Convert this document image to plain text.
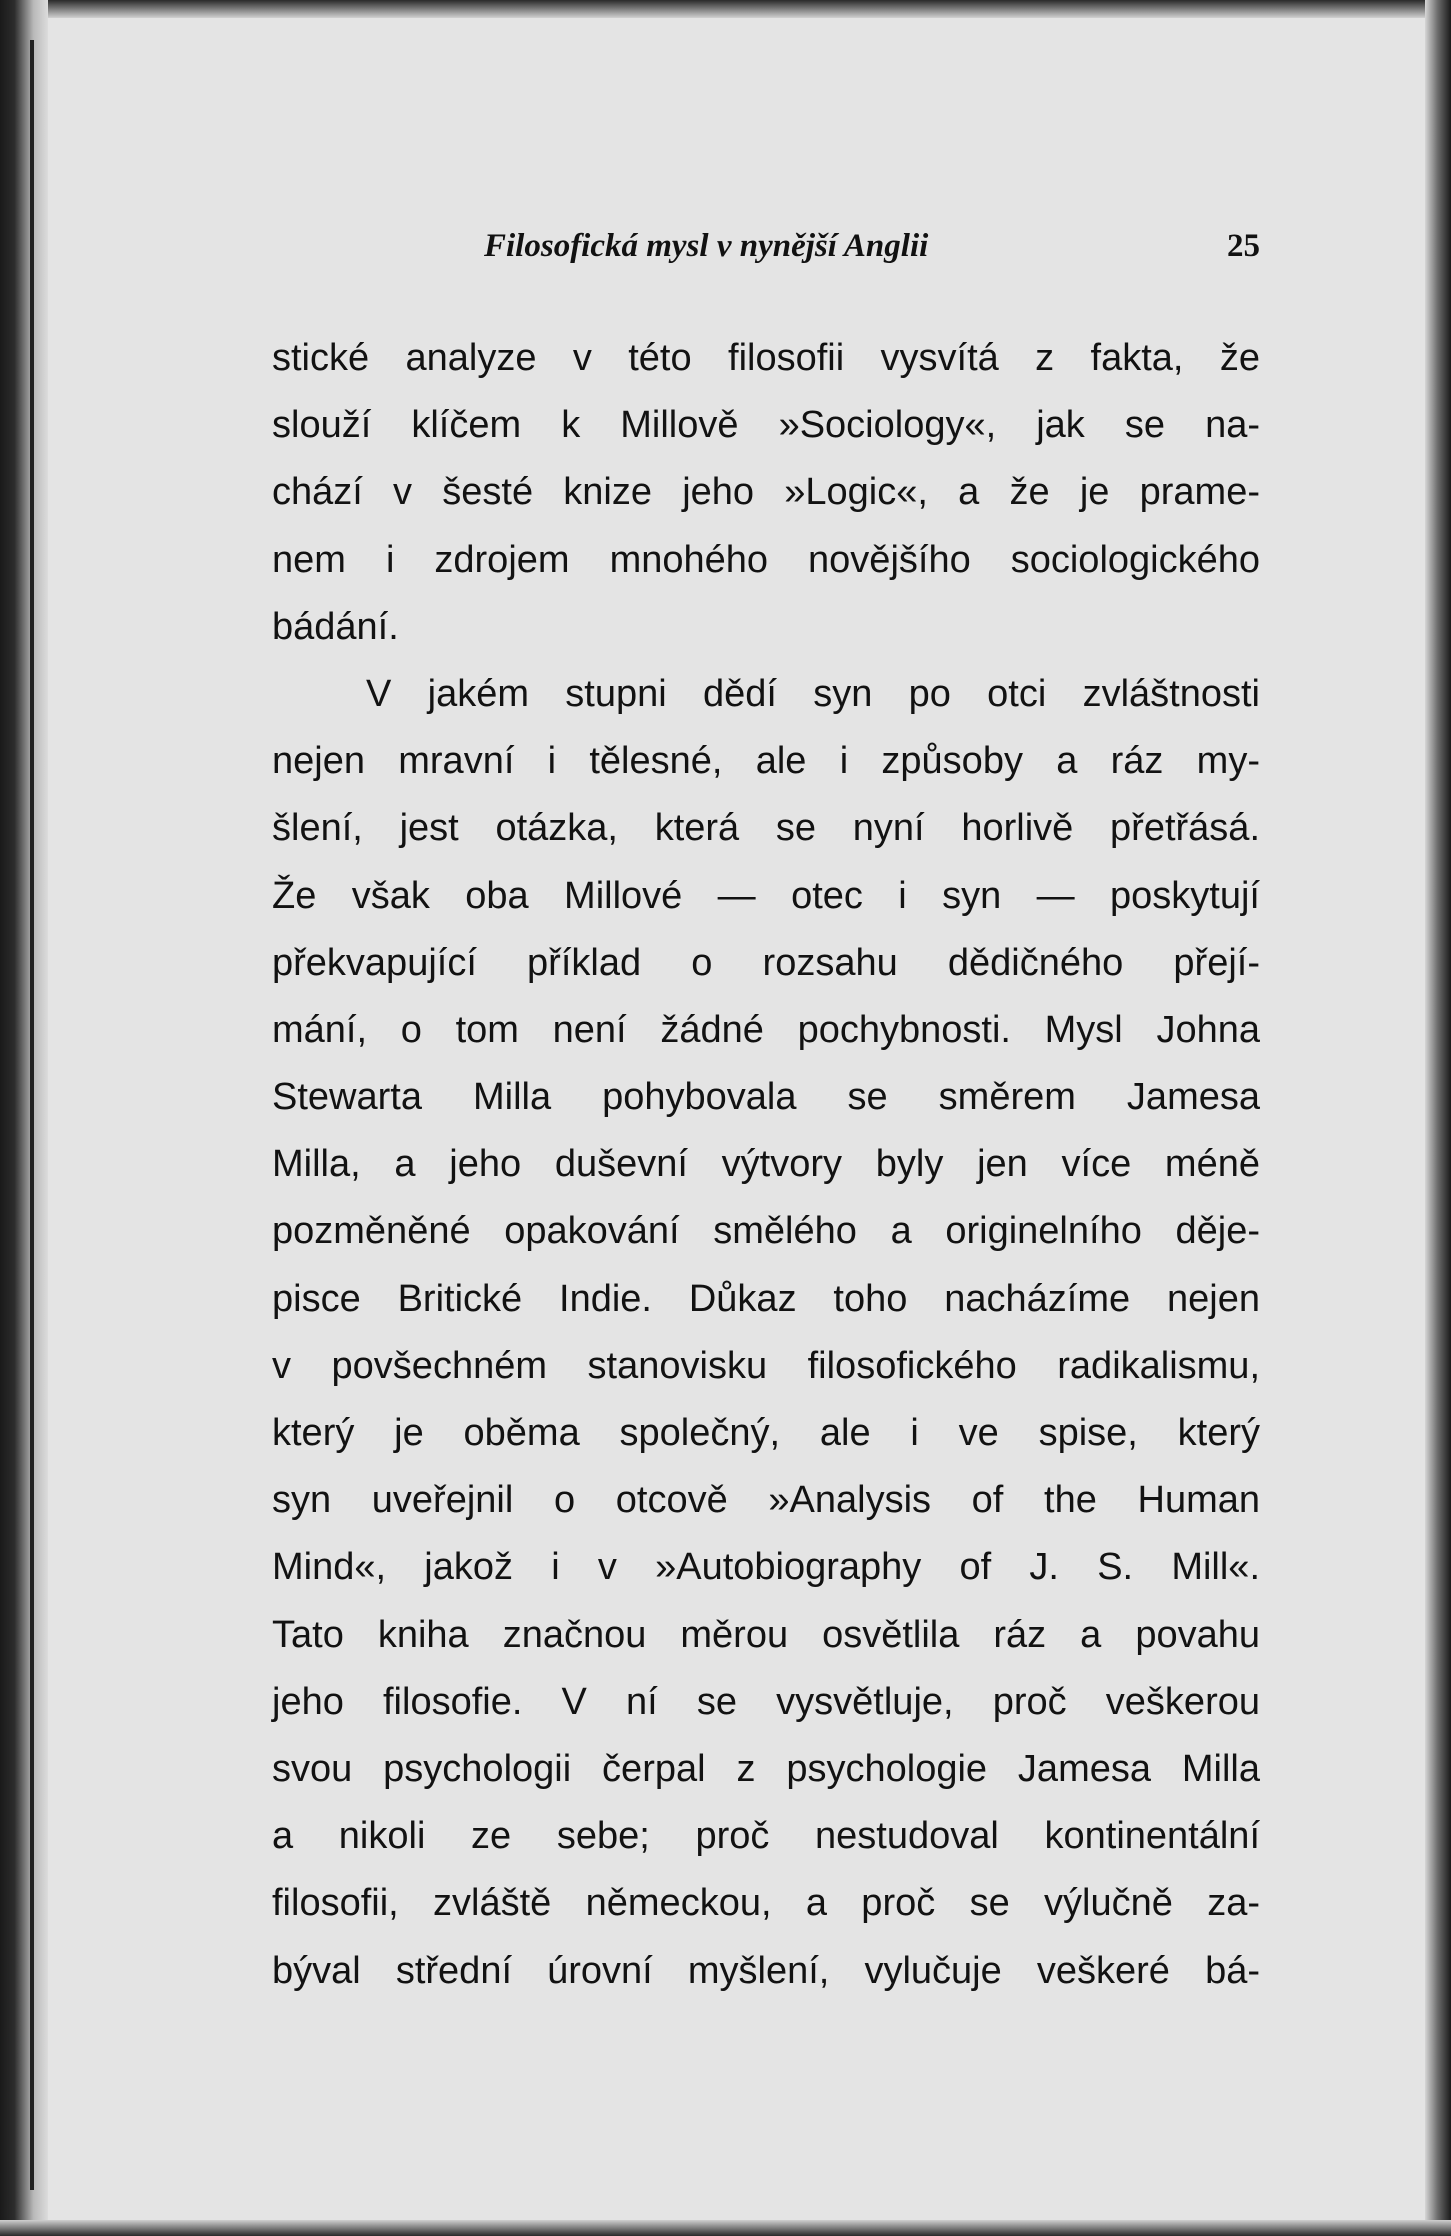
Filosofická mysl v nynější Anglii	25
stické analyze v této filosofii vysvítá z fakta, že
slouží klíčem k Millově »Sociology«, jak se na-
chází v šesté knize jeho »Logic«, a že je prame-
nem i zdrojem mnohého novějšího sociologického
bádání.
V jakém stupni dědí syn po otci zvláštnosti
nejen mravní i tělesné, ale i způsoby a ráz my-
šlení, jest otázka, která se nyní horlivě přetřásá.
Že však oba Millové — otec i syn — poskytují
překvapující příklad o rozsahu dědičného přejí-
mání, o tom není žádné pochybnosti. Mysl Johna
Stewarta Milla pohybovala se směrem Jamesa
Milla, a jeho duševní výtvory byly jen více méně
pozměněné opakování smělého a originelního děje-
pisce Britické Indie. Důkaz toho nacházíme nejen
v povšechném stanovisku filosofického radikalismu,
který je oběma společný, ale i ve spise, který
syn uveřejnil o otcově »Analysis of the Human
Mind«, jakož i v »Autobiography of J. S. Mill«.
Tato kniha značnou měrou osvětlila ráz a povahu
jeho filosofie. V ní se vysvětluje, proč veškerou
svou psychologii čerpal z psychologie Jamesa Milla
a nikoli ze sebe; proč nestudoval kontinentální
filosofii, zvláště německou, a proč se výlučně za-
býval střední úrovní myšlení, vylučuje veškeré bá-
